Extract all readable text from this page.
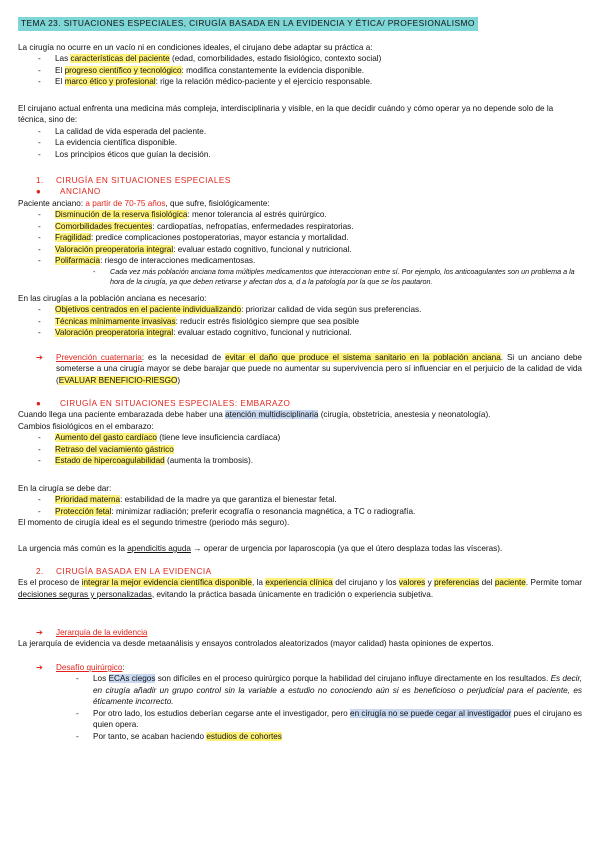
TEMA 23. SITUACIONES ESPECIALES, CIRUGÍA BASADA EN LA EVIDENCIA Y ÉTICA/ PROFESIONALISMO
La cirugía no ocurre en un vacío ni en condiciones ideales, el cirujano debe adaptar su práctica a:
- Las características del paciente (edad, comorbilidades, estado fisiológico, contexto social)
- El progreso científico y tecnológico: modifica constantemente la evidencia disponible.
- El marco ético y profesional: rige la relación médico-paciente y el ejercicio responsable.
El cirujano actual enfrenta una medicina más compleja, interdisciplinaria y visible, en la que decidir cuándo y cómo operar ya no depende solo de la técnica, sino de:
- La calidad de vida esperada del paciente.
- La evidencia científica disponible.
- Los principios éticos que guían la decisión.
1. CIRUGÍA EN SITUACIONES ESPECIALES
● ANCIANO
Paciente anciano: a partir de 70-75 años, que sufre, fisiológicamente:
- Disminución de la reserva fisiológica: menor tolerancia al estrés quirúrgico.
- Comorbilidades frecuentes: cardiopatías, nefropatías, enfermedades respiratorias.
- Fragilidad: predice complicaciones postoperatorias, mayor estancia y mortalidad.
- Valoración preoperatoria integral: evaluar estado cognitivo, funcional y nutricional.
- Polifarmacia: riesgo de interacciones medicamentosas.
- Cada vez más población anciana toma múltiples medicamentos que interaccionan entre sí. Por ejemplo, los anticoagulantes son un problema a la hora de la cirugía, ya que deben retirarse y afectan dos a, d a la patología por la que se los pautaron.
En las cirugías a la población anciana es necesario:
- Objetivos centrados en el paciente individualizando: priorizar calidad de vida según sus preferencias.
- Técnicas mínimamente invasivas: reducir estrés fisiológico siempre que sea posible
- Valoración preoperatoria integral: evaluar estado cognitivo, funcional y nutricional.
➔	Prevención cuaternaria: es la necesidad de evitar el daño que produce el sistema sanitario en la población anciana. Si un anciano debe someterse a una cirugía mayor se debe barajar que puede no aumentar su supervivencia pero sí influenciar en el perjuicio de la calidad de vida (EVALUAR BENEFICIO-RIESGO)
● CIRUGÍA EN SITUACIONES ESPECIALES: EMBARAZO
Cuando llega una paciente embarazada debe haber una atención multidisciplinaria (cirugía, obstetricia, anestesia y neonatología).
Cambios fisiológicos en el embarazo:
- Aumento del gasto cardíaco (tiene leve insuficiencia cardíaca)
- Retraso del vaciamiento gástrico
- Estado de hipercoagulabilidad (aumenta la trombosis).
En la cirugía se debe dar:
- Prioridad materna: estabilidad de la madre ya que garantiza el bienestar fetal.
- Protección fetal: minimizar radiación; preferir ecografía o resonancia magnética, a TC o radiografía.
El momento de cirugía ideal es el segundo trimestre (periodo más seguro).
La urgencia más común es la apendicitis aguda → operar de urgencia por laparoscopia (ya que el útero desplaza todas las vísceras).
2. CIRUGÍA BASADA EN LA EVIDENCIA
Es el proceso de integrar la mejor evidencia científica disponible, la experiencia clínica del cirujano y los valores y preferencias del paciente. Permite tomar decisiones seguras y personalizadas, evitando la práctica basada únicamente en tradición o experiencia subjetiva.
➔ Jerarquía de la evidencia
La jerarquía de evidencia va desde metaanálisis y ensayos controlados aleatorizados (mayor calidad) hasta opiniones de expertos.
➔ Desafío quirúrgico:
- Los ECAs ciegos son difíciles en el proceso quirúrgico porque la habilidad del cirujano influye directamente en los resultados. Es decir, en cirugía añadir un grupo control sin la variable a estudio no conociendo aún si es beneficioso o perjudicial para el paciente, es éticamente incorrecto.
- Por otro lado, los estudios deberían cegarse ante el investigador, pero en cirugía no se puede cegar al investigador pues el cirujano es quien opera.
- Por tanto, se acaban haciendo estudios de cohortes
